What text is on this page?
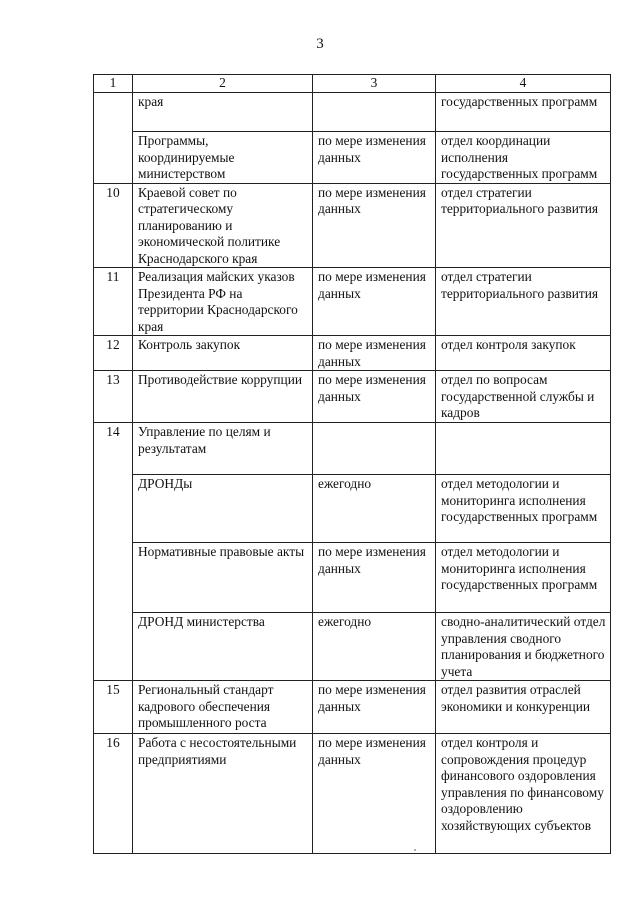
3
1	2	3	4
	края		государственных программ
	Программы, координируемые министерством	по мере изменения данных	отдел координации исполнения государственных программ
10	Краевой совет по стратегическому планированию и экономической политике Краснодарского края	по мере изменения данных	отдел стратегии территориального развития
11	Реализация майских указов Президента РФ на территории Краснодарского края	по мере изменения данных	отдел стратегии территориального развития
12	Контроль закупок	по мере изменения данных	отдел контроля закупок
13	Противодействие коррупции	по мере изменения данных	отдел по вопросам государственной службы и кадров
14	Управление по целям и результатам		
	ДРОНДы	ежегодно	отдел методологии и мониторинга исполнения государственных программ
	Нормативные правовые акты	по мере изменения данных	отдел методологии и мониторинга исполнения государственных программ
	ДРОНД министерства	ежегодно	сводно-аналитический отдел управления сводного планирования и бюджетного учета
15	Региональный стандарт кадрового обеспечения промышленного роста	по мере изменения данных	отдел развития отраслей экономики и конкуренции
16	Работа с несостоятельными предприятиями	по мере изменения данных	отдел контроля и сопровождения процедур финансового оздоровления управления по финансовому оздоровлению хозяйствующих субъектов
